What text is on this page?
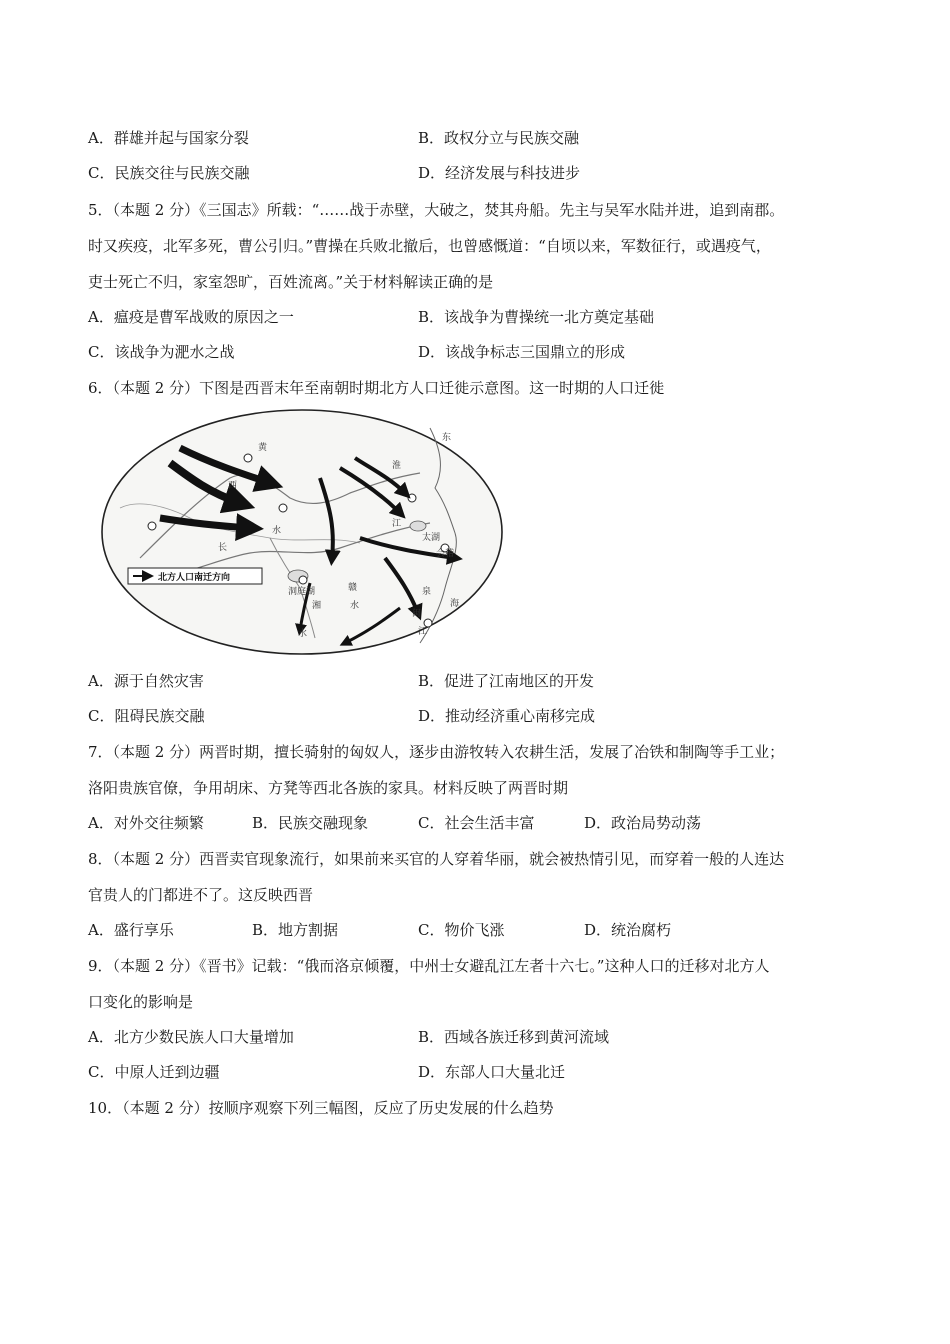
A．群雄并起与国家分裂	B．政权分立与民族交融
C．民族交往与民族交融	D．经济发展与科技进步
5．（本题 2 分）《三国志》所载：“……战于赤壁，大破之，焚其舟船。先主与吴军水陆并进，追到南郡。
时又疾疫，北军多死，曹公引归。”曹操在兵败北撤后，也曾感慨道：“自顷以来，军数征行，或遇疫气，
吏士死亡不归，家室怨旷，百姓流离。”关于材料解读正确的是
A．瘟疫是曹军战败的原因之一	B．该战争为曹操统一北方奠定基础
C．该战争为淝水之战	D．该战争标志三国鼎立的形成
6．（本题 2 分）下图是西晋末年至南朝时期北方人口迁徙示意图。这一时期的人口迁徙
北方人口南迁方向
黄
西
水
江
太湖
东
长
洞庭湖
湘
水
赣
海
会稽
泉
闽
江
水
淮
A．源于自然灾害	B．促进了江南地区的开发
C．阻碍民族交融	D．推动经济重心南移完成
7．（本题 2 分）两晋时期，擅长骑射的匈奴人，逐步由游牧转入农耕生活，发展了冶铁和制陶等手工业；
洛阳贵族官僚，争用胡床、方凳等西北各族的家具。材料反映了两晋时期
A．对外交往频繁	B．民族交融现象	C．社会生活丰富	D．政治局势动荡
8．（本题 2 分）西晋卖官现象流行，如果前来买官的人穿着华丽，就会被热情引见，而穿着一般的人连达
官贵人的门都进不了。这反映西晋
A．盛行享乐	B．地方割据	C．物价飞涨	D．统治腐朽
9．（本题 2 分）《晋书》记载：“俄而洛京倾覆，中州士女避乱江左者十六七。”这种人口的迁移对北方人
口变化的影响是
A．北方少数民族人口大量增加	B．西域各族迁移到黄河流域
C．中原人迁到边疆	D．东部人口大量北迁
10．（本题 2 分）按顺序观察下列三幅图，反应了历史发展的什么趋势
